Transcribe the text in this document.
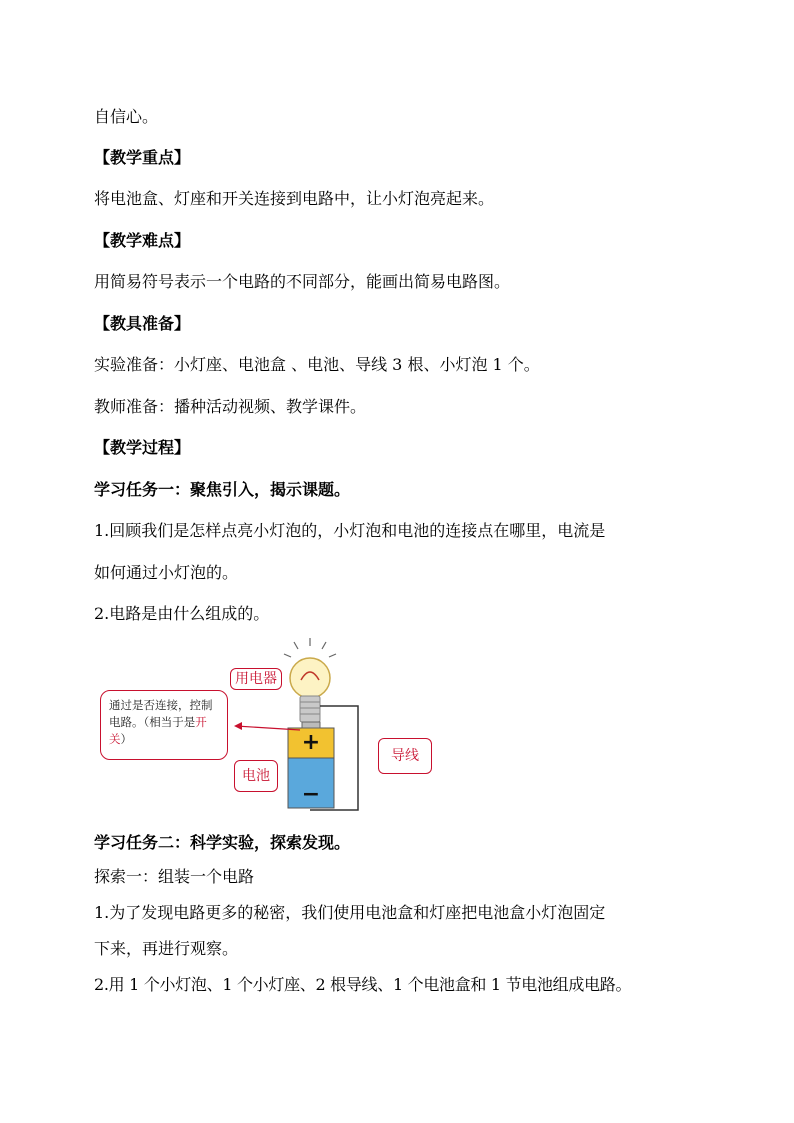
自信心。

【教学重点】

将电池盒、灯座和开关连接到电路中，让小灯泡亮起来。

【教学难点】

用简易符号表示一个电路的不同部分，能画出简易电路图。

【教具准备】

实验准备：小灯座、电池盒 、电池、导线 3 根、小灯泡 1 个。

教师准备：播种活动视频、教学课件。

【教学过程】

学习任务一：聚焦引入，揭示课题。

1.回顾我们是怎样点亮小灯泡的，小灯泡和电池的连接点在哪里，电流是

如何通过小灯泡的。

2.电路是由什么组成的。

用电器
电池
导线
通过是否连接，控制电路。（相当于是开关）	+
−

学习任务二：科学实验，探索发现。

探索一：组装一个电路

1.为了发现电路更多的秘密，我们使用电池盒和灯座把电池盒小灯泡固定

下来，再进行观察。

2.用 1 个小灯泡、1 个小灯座、2 根导线、1 个电池盒和 1 节电池组成电路。
